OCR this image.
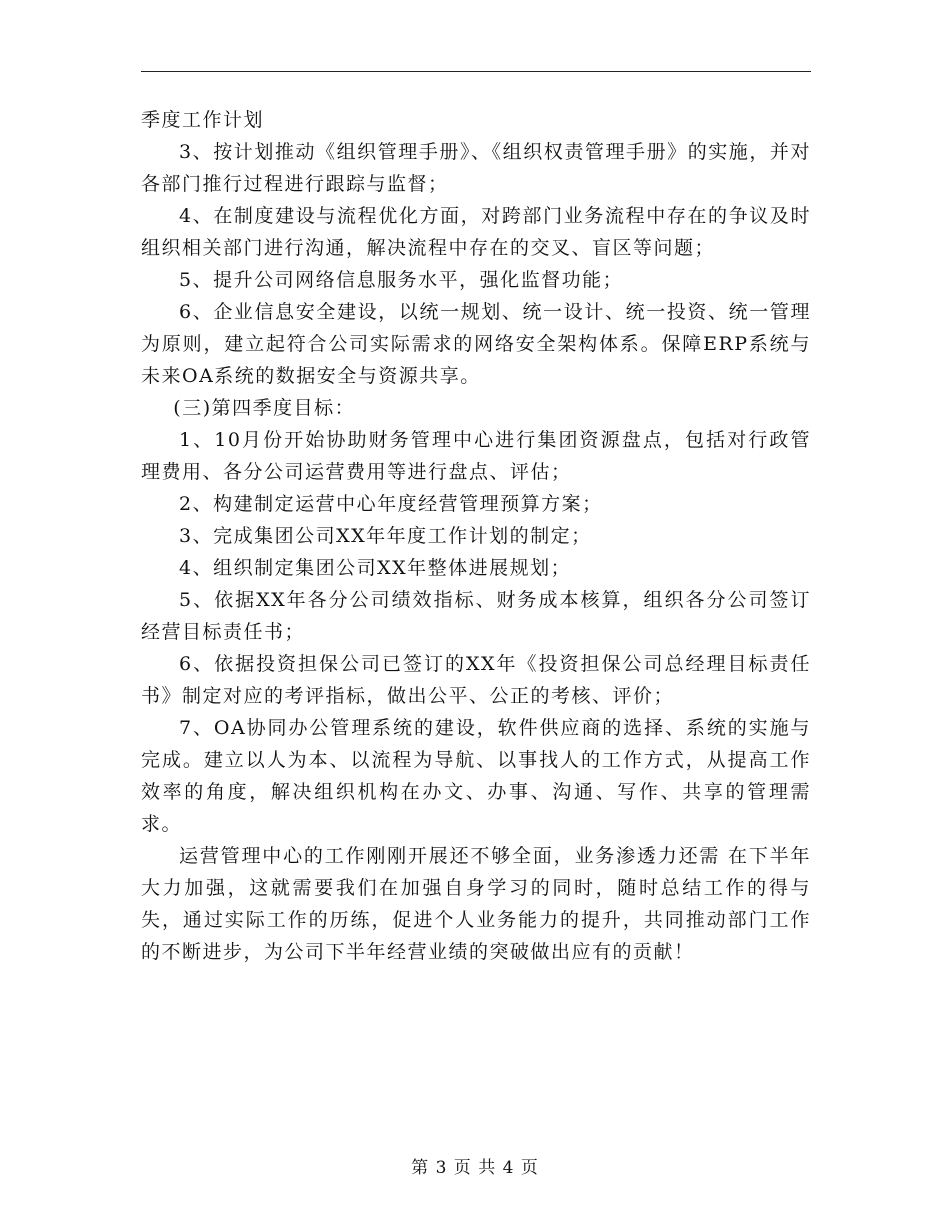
季度工作计划

3、按计划推动《组织管理手册》、《组织权责管理手册》的实施，并对各部门推行过程进行跟踪与监督；

4、在制度建设与流程优化方面，对跨部门业务流程中存在的争议及时组织相关部门进行沟通，解决流程中存在的交叉、盲区等问题；

5、提升公司网络信息服务水平，强化监督功能；

6、企业信息安全建设，以统一规划、统一设计、统一投资、统一管理为原则，建立起符合公司实际需求的网络安全架构体系。保障ERP系统与未来OA系统的数据安全与资源共享。

(三)第四季度目标：

1、10月份开始协助财务管理中心进行集团资源盘点，包括对行政管理费用、各分公司运营费用等进行盘点、评估；

2、构建制定运营中心年度经营管理预算方案；

3、完成集团公司XX年年度工作计划的制定；

4、组织制定集团公司XX年整体进展规划；

5、依据XX年各分公司绩效指标、财务成本核算，组织各分公司签订经营目标责任书；

6、依据投资担保公司已签订的XX年《投资担保公司总经理目标责任书》制定对应的考评指标，做出公平、公正的考核、评价；

7、OA协同办公管理系统的建设，软件供应商的选择、系统的实施与完成。建立以人为本、以流程为导航、以事找人的工作方式，从提高工作效率的角度，解决组织机构在办文、办事、沟通、写作、共享的管理需求。

运营管理中心的工作刚刚开展还不够全面，业务渗透力还需 在下半年大力加强，这就需要我们在加强自身学习的同时，随时总结工作的得与失，通过实际工作的历练，促进个人业务能力的提升，共同推动部门工作的不断进步，为公司下半年经营业绩的突破做出应有的贡献！

第 3 页 共 4 页
